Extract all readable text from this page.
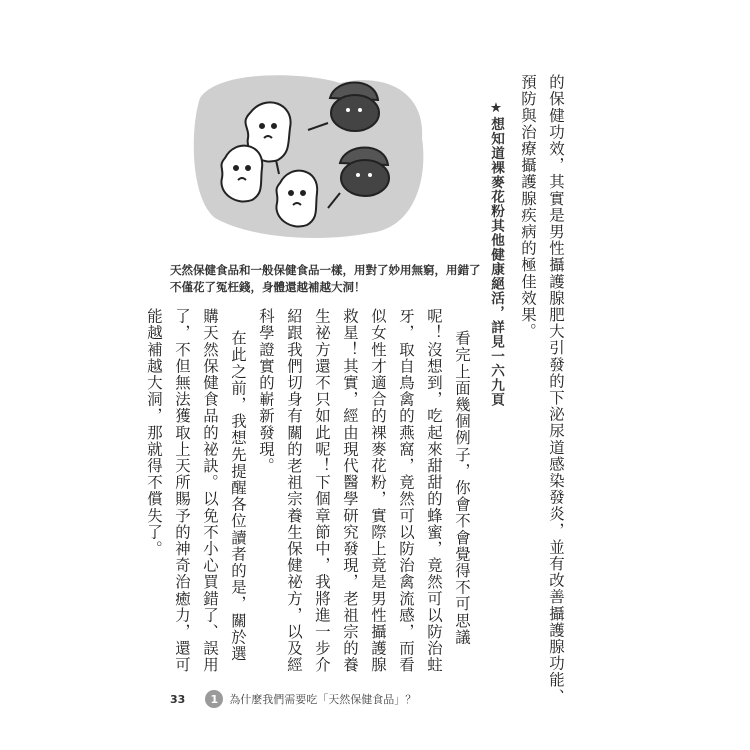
天然保健食品和一般保健食品一樣，用對了妙用無窮，用錯了

不僅花了冤枉錢，身體還越補越大洞！	的保健功效，其實是男性攝護腺肥大引發的下泌尿道感染發炎，並有改善攝護腺功能、
預防與治療攝護腺疾病的極佳效果。
★想知道裸麥花粉其他健康絕活，詳見一六九頁
看完上面幾個例子，你會不會覺得不可思議
呢！沒想到，吃起來甜甜的蜂蜜，竟然可以防治蛀
牙，取自鳥禽的燕窩，竟然可以防治禽流感，而看
似女性才適合的裸麥花粉，實際上竟是男性攝護腺
救星！其實，經由現代醫學研究發現，老祖宗的養
生祕方還不只如此呢！下個章節中，我將進一步介
紹跟我們切身有關的老祖宗養生保健祕方，以及經
科學證實的嶄新發現。
在此之前，我想先提醒各位讀者的是，關於選
購天然保健食品的祕訣。以免不小心買錯了、誤用
了，不但無法獲取上天所賜予的神奇治癒力，還可
能越補越大洞，那就得不償失了。
33	1	為什麼我們需要吃「天然保健食品」？
